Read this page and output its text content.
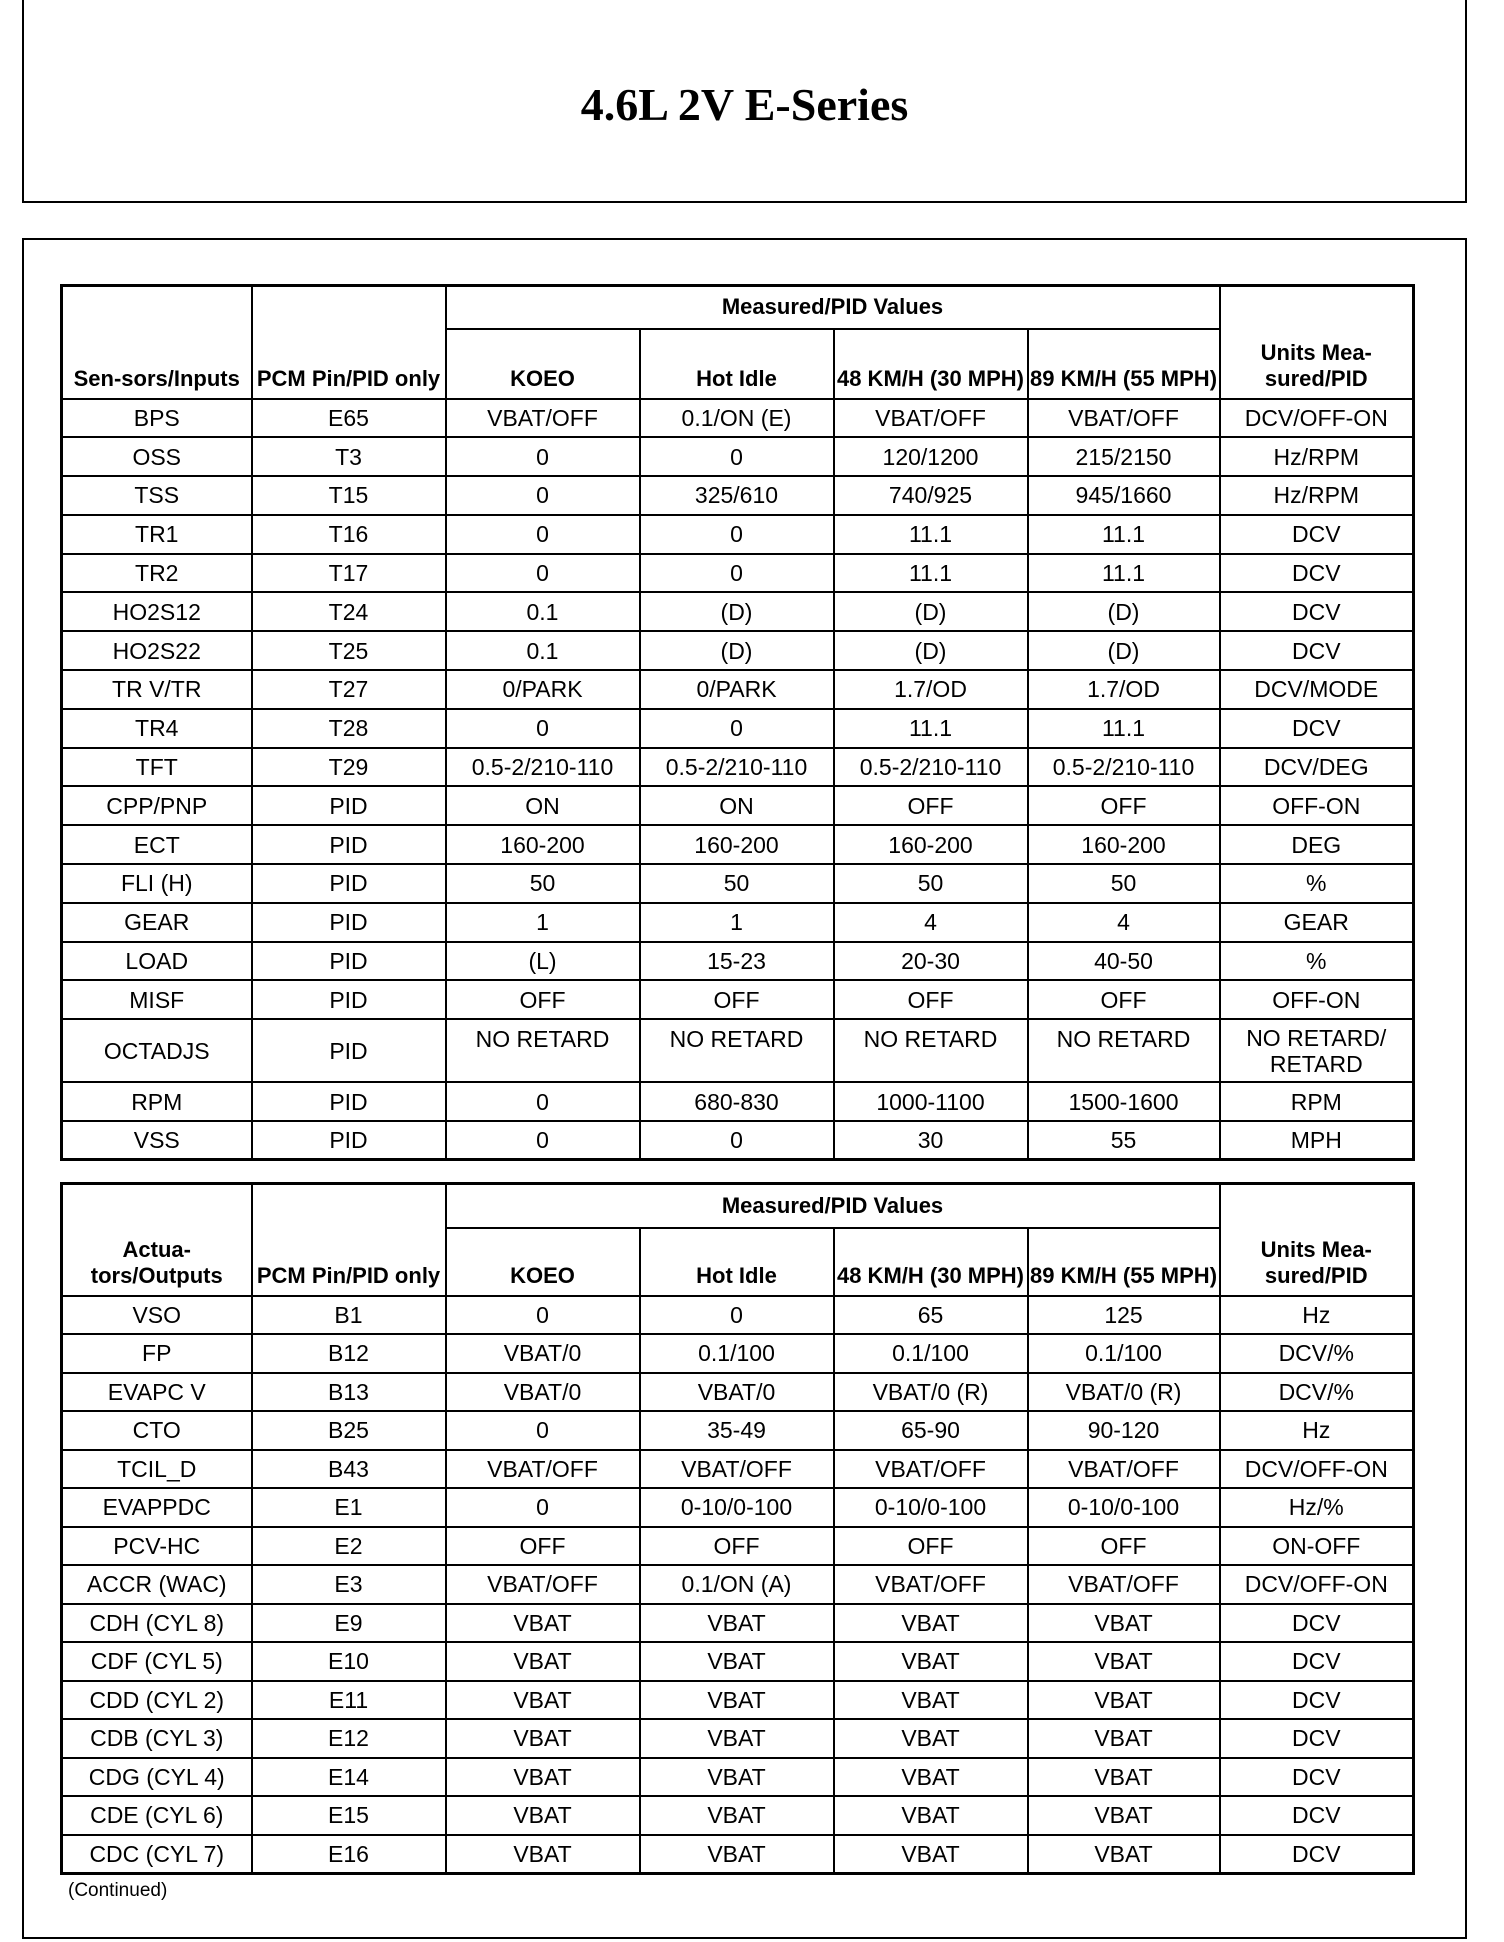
4.6L 2V E-Series
Sen-sors/Inputs	PCM Pin/PID only	Measured/PID Values				Units Mea-sured/PID
		KOEO	Hot Idle	48 KM/H (30 MPH)	89 KM/H (55 MPH)	
BPS	E65	VBAT/OFF	0.1/ON (E)	VBAT/OFF	VBAT/OFF	DCV/OFF-ON
OSS	T3	0	0	120/1200	215/2150	Hz/RPM
TSS	T15	0	325/610	740/925	945/1660	Hz/RPM
TR1	T16	0	0	11.1	11.1	DCV
TR2	T17	0	0	11.1	11.1	DCV
HO2S12	T24	0.1	(D)	(D)	(D)	DCV
HO2S22	T25	0.1	(D)	(D)	(D)	DCV
TR V/TR	T27	0/PARK	0/PARK	1.7/OD	1.7/OD	DCV/MODE
TR4	T28	0	0	11.1	11.1	DCV
TFT	T29	0.5-2/210-110	0.5-2/210-110	0.5-2/210-110	0.5-2/210-110	DCV/DEG
CPP/PNP	PID	ON	ON	OFF	OFF	OFF-ON
ECT	PID	160-200	160-200	160-200	160-200	DEG
FLI (H)	PID	50	50	50	50	%
GEAR	PID	1	1	4	4	GEAR
LOAD	PID	(L)	15-23	20-30	40-50	%
MISF	PID	OFF	OFF	OFF	OFF	OFF-ON
OCTADJS	PID	NO RETARD	NO RETARD	NO RETARD	NO RETARD	NO RETARD/ RETARD
RPM	PID	0	680-830	1000-1100	1500-1600	RPM
VSS	PID	0	0	30	55	MPH
Actua-tors/Outputs	PCM Pin/PID only	Measured/PID Values				Units Mea-sured/PID
		KOEO	Hot Idle	48 KM/H (30 MPH)	89 KM/H (55 MPH)	
VSO	B1	0	0	65	125	Hz
FP	B12	VBAT/0	0.1/100	0.1/100	0.1/100	DCV/%
EVAPC V	B13	VBAT/0	VBAT/0	VBAT/0 (R)	VBAT/0 (R)	DCV/%
CTO	B25	0	35-49	65-90	90-120	Hz
TCIL_D	B43	VBAT/OFF	VBAT/OFF	VBAT/OFF	VBAT/OFF	DCV/OFF-ON
EVAPPDC	E1	0	0-10/0-100	0-10/0-100	0-10/0-100	Hz/%
PCV-HC	E2	OFF	OFF	OFF	OFF	ON-OFF
ACCR (WAC)	E3	VBAT/OFF	0.1/ON (A)	VBAT/OFF	VBAT/OFF	DCV/OFF-ON
CDH (CYL 8)	E9	VBAT	VBAT	VBAT	VBAT	DCV
CDF (CYL 5)	E10	VBAT	VBAT	VBAT	VBAT	DCV
CDD (CYL 2)	E11	VBAT	VBAT	VBAT	VBAT	DCV
CDB (CYL 3)	E12	VBAT	VBAT	VBAT	VBAT	DCV
CDG (CYL 4)	E14	VBAT	VBAT	VBAT	VBAT	DCV
CDE (CYL 6)	E15	VBAT	VBAT	VBAT	VBAT	DCV
CDC (CYL 7)	E16	VBAT	VBAT	VBAT	VBAT	DCV
(Continued)
